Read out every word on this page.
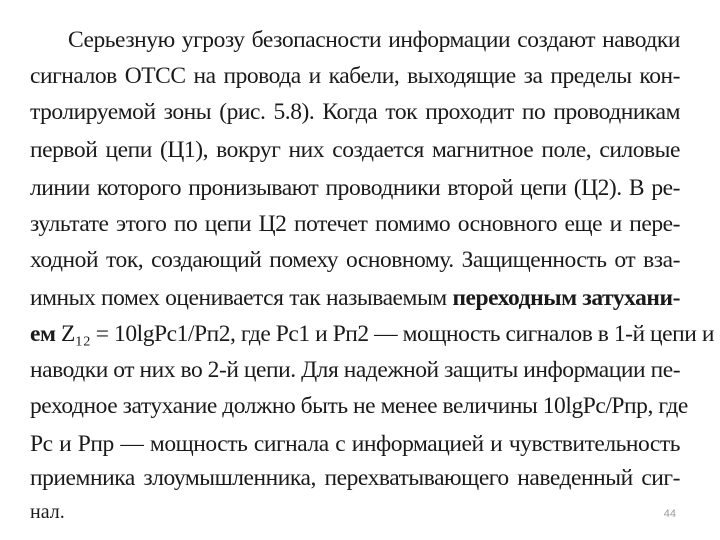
Серьезную угрозу безопасности информации создают наводки
сигналов ОТСС на провода и кабели, выходящие за пределы кон-
тролируемой зоны (рис. 5.8). Когда ток проходит по проводникам
первой цепи (Ц1), вокруг них создается магнитное поле, силовые
линии которого пронизывают проводники второй цепи (Ц2). В ре-
зультате этого по цепи Ц2 потечет помимо основного еще и пере-
ходной ток, создающий помеху основному. Защищенность от вза-
имных помех оценивается так называемым переходным затухани-
ем Z₁₂ = 10lgPc1/Pп2, где Pc1 и Pп2 — мощность сигналов в 1-й цепи и
наводки от них во 2-й цепи. Для надежной защиты информации пе-
реходное затухание должно быть не менее величины 10lgPc/Pпр, где
Pc и Pпр — мощность сигнала с информацией и чувствительность
приемника злоумышленника, перехватывающего наведенный сиг-
нал.	44
